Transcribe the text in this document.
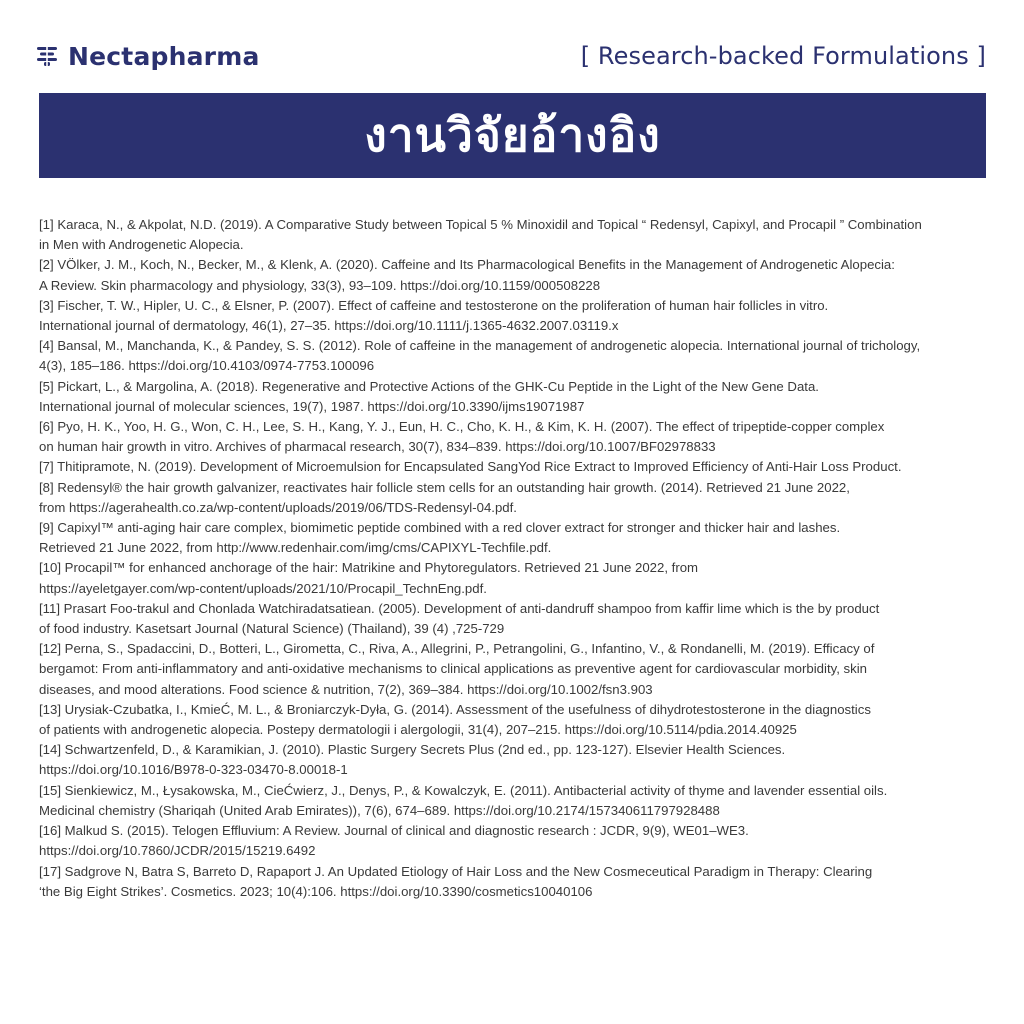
Nectapharma	[ Research-backed Formulations ]
งานวิจัยอ้างอิง
[1] Karaca, N., & Akpolat, N.D. (2019). A Comparative Study between Topical 5 % Minoxidil and Topical “ Redensyl, Capixyl, and Procapil ” Combination
in Men with Androgenetic Alopecia.
[2] VÖlker, J. M., Koch, N., Becker, M., & Klenk, A. (2020). Caffeine and Its Pharmacological Benefits in the Management of Androgenetic Alopecia:
A Review. Skin pharmacology and physiology, 33(3), 93–109. https://doi.org/10.1159/000508228
[3] Fischer, T. W., Hipler, U. C., & Elsner, P. (2007). Effect of caffeine and testosterone on the proliferation of human hair follicles in vitro.
International journal of dermatology, 46(1), 27–35. https://doi.org/10.1111/j.1365-4632.2007.03119.x
[4] Bansal, M., Manchanda, K., & Pandey, S. S. (2012). Role of caffeine in the management of androgenetic alopecia. International journal of trichology,
4(3), 185–186. https://doi.org/10.4103/0974-7753.100096
[5] Pickart, L., & Margolina, A. (2018). Regenerative and Protective Actions of the GHK-Cu Peptide in the Light of the New Gene Data.
International journal of molecular sciences, 19(7), 1987. https://doi.org/10.3390/ijms19071987
[6] Pyo, H. K., Yoo, H. G., Won, C. H., Lee, S. H., Kang, Y. J., Eun, H. C., Cho, K. H., & Kim, K. H. (2007). The effect of tripeptide-copper complex
on human hair growth in vitro. Archives of pharmacal research, 30(7), 834–839. https://doi.org/10.1007/BF02978833
[7] Thitipramote, N. (2019). Development of Microemulsion for Encapsulated SangYod Rice Extract to Improved Efficiency of Anti-Hair Loss Product.
[8] Redensyl® the hair growth galvanizer, reactivates hair follicle stem cells for an outstanding hair growth. (2014). Retrieved 21 June 2022,
from https://agerahealth.co.za/wp-content/uploads/2019/06/TDS-Redensyl-04.pdf.
[9] Capixyl™ anti-aging hair care complex, biomimetic peptide combined with a red clover extract for stronger and thicker hair and lashes.
Retrieved 21 June 2022, from http://www.redenhair.com/img/cms/CAPIXYL-Techfile.pdf.
[10] Procapil™ for enhanced anchorage of the hair: Matrikine and Phytoregulators. Retrieved 21 June 2022, from
https://ayeletgayer.com/wp-content/uploads/2021/10/Procapil_TechnEng.pdf.
[11] Prasart Foo-trakul and Chonlada Watchiradatsatiean. (2005). Development of anti-dandruff shampoo from kaffir lime which is the by product
of food industry. Kasetsart Journal (Natural Science) (Thailand), 39 (4) ,725-729
[12] Perna, S., Spadaccini, D., Botteri, L., Girometta, C., Riva, A., Allegrini, P., Petrangolini, G., Infantino, V., & Rondanelli, M. (2019). Efficacy of
bergamot: From anti-inflammatory and anti-oxidative mechanisms to clinical applications as preventive agent for cardiovascular morbidity, skin
diseases, and mood alterations. Food science & nutrition, 7(2), 369–384. https://doi.org/10.1002/fsn3.903
[13] Urysiak-Czubatka, I., KmieĆ, M. L., & Broniarczyk-Dyła, G. (2014). Assessment of the usefulness of dihydrotestosterone in the diagnostics
of patients with androgenetic alopecia. Postepy dermatologii i alergologii, 31(4), 207–215. https://doi.org/10.5114/pdia.2014.40925
[14] Schwartzenfeld, D., & Karamikian, J. (2010). Plastic Surgery Secrets Plus (2nd ed., pp. 123-127). Elsevier Health Sciences.
https://doi.org/10.1016/B978-0-323-03470-8.00018-1
[15] Sienkiewicz, M., Łysakowska, M., CieĆwierz, J., Denys, P., & Kowalczyk, E. (2011). Antibacterial activity of thyme and lavender essential oils.
Medicinal chemistry (Shariqah (United Arab Emirates)), 7(6), 674–689. https://doi.org/10.2174/157340611797928488
[16] Malkud S. (2015). Telogen Effluvium: A Review. Journal of clinical and diagnostic research : JCDR, 9(9), WE01–WE3.
https://doi.org/10.7860/JCDR/2015/15219.6492
[17] Sadgrove N, Batra S, Barreto D, Rapaport J. An Updated Etiology of Hair Loss and the New Cosmeceutical Paradigm in Therapy: Clearing
‘the Big Eight Strikes’. Cosmetics. 2023; 10(4):106. https://doi.org/10.3390/cosmetics10040106
